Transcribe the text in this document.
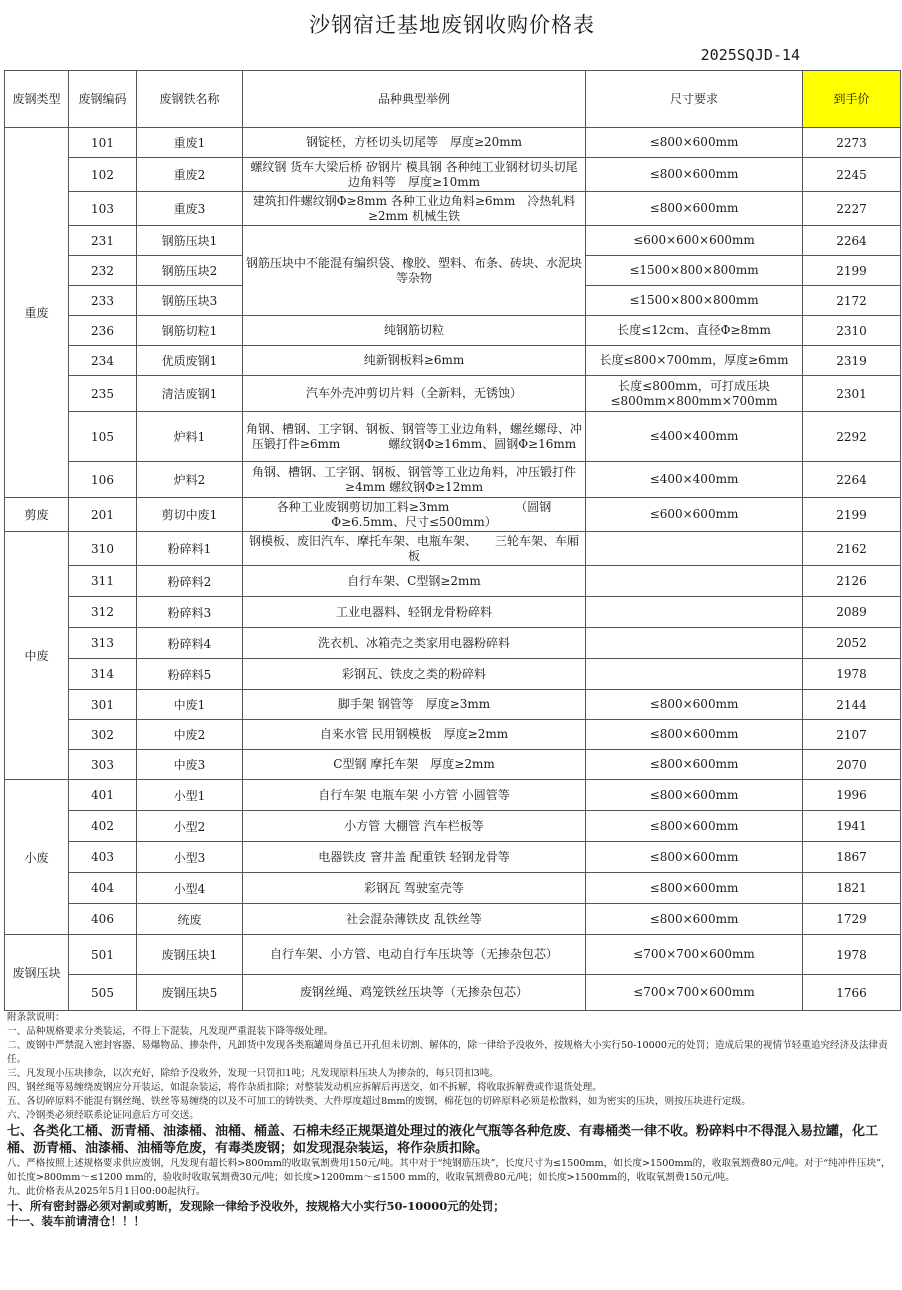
沙钢宿迁基地废钢收购价格表
2025SQJD-14
废钢类型	废钢编码	废钢铁名称	品种典型举例	尺寸要求	到手价
重废	101	重废1	钢锭柸，方柸切头切尾等　厚度≥20mm	≤800×600mm	2273
	102	重废2	螺纹钢 货车大梁后桥 矽钢片 模具钢 各种纯工业钢材切头切尾边角料等　厚度≥10mm	≤800×600mm	2245
	103	重废3	建筑扣件螺纹钢Φ≥8mm 各种工业边角料≥6mm　冷热轧料≥2mm 机械生铁	≤800×600mm	2227
	231	钢筋压块1	钢筋压块中不能混有编织袋、橡胶、塑料、布条、砖块、水泥块等杂物	≤600×600×600mm	2264
	232	钢筋压块2		≤1500×800×800mm	2199
	233	钢筋压块3		≤1500×800×800mm	2172
	236	钢筋切粒1	纯钢筋切粒	长度≤12cm、直径Φ≥8mm	2310
	234	优质废钢1	纯新钢板料≥6mm	长度≤800×700mm，厚度≥6mm	2319
	235	清洁废钢1	汽车外壳冲剪切片料（全新料，无锈蚀）	长度≤800mm，可打成压块≤800mm×800mm×700mm	2301
	105	炉料1	角钢、槽钢、工字钢、钢板、钢管等工业边角料，螺丝螺母、冲压锻打件≥6mm　　　　螺纹钢Φ≥16mm、圆钢Φ≥16mm	≤400×400mm	2292
	106	炉料2	角钢、槽钢、工字钢、钢板、钢管等工业边角料，冲压锻打件 ≥4mm 螺纹钢Φ≥12mm	≤400×400mm	2264
剪废	201	剪切中废1	各种工业废钢剪切加工料≥3mm　　　　　　（圆钢Φ≥6.5mm、尺寸≤500mm）	≤600×600mm	2199
中废	310	粉碎料1	钢模板、废旧汽车、摩托车架、电瓶车架、　　三轮车架、车厢板		2162
	311	粉碎料2	自行车架、C型钢≥2mm		2126
	312	粉碎料3	工业电器料、轻钢龙骨粉碎料		2089
	313	粉碎料4	洗衣机、冰箱壳之类家用电器粉碎料		2052
	314	粉碎料5	彩钢瓦、铁皮之类的粉碎料		1978
	301	中废1	脚手架 钢管等　厚度≥3mm	≤800×600mm	2144
	302	中废2	自来水管 民用钢模板　厚度≥2mm	≤800×600mm	2107
	303	中废3	C型钢 摩托车架　厚度≥2mm	≤800×600mm	2070
小废	401	小型1	自行车架 电瓶车架 小方管 小圆管等	≤800×600mm	1996
	402	小型2	小方管 大棚管 汽车栏板等	≤800×600mm	1941
	403	小型3	电器铁皮 窨井盖 配重铁 轻钢龙骨等	≤800×600mm	1867
	404	小型4	彩钢瓦 驾驶室壳等	≤800×600mm	1821
	406	统废	社会混杂薄铁皮 乱铁丝等	≤800×600mm	1729
废钢压块	501	废钢压块1	自行车架、小方管、电动自行车压块等（无掺杂包芯）	≤700×700×600mm	1978
	505	废钢压块5	废钢丝绳、鸡笼铁丝压块等（无掺杂包芯）	≤700×700×600mm	1766
附条款说明：
一、品种规格要求分类装运，不得上下混装，凡发现严重混装下降等级处理。
二、废钢中严禁混入密封容器、易爆物品、掺杂件，凡卸货中发现各类瓶罐周身虽已开孔但未切割、解体的，除一律给予没收外，按规格大小实行50-10000元的处罚；造成后果的视情节轻重追究经济及法律责任。
三、凡发现小压块掺杂，以次充好，除给予没收外，发现一只罚扣1吨；凡发现原料压块人为掺杂的，每只罚扣3吨。
四、钢丝绳等易缠绕废钢应分开装运，如混杂装运，将作杂质扣除；对整装发动机应拆解后再送交，如不拆解，将收取拆解费或作退货处理。
五、各切碎原料不能混有钢丝绳、铁丝等易缠绕的以及不可加工的铸铁类、大件厚度超过8mm的废钢，棉花包的切碎原料必须是松散料，如为密实的压块，则按压块进行定级。
六、冷钢类必须经联系论证同意后方可交送。
七、各类化工桶、沥青桶、油漆桶、油桶、桶盖、石棉未经正规渠道处理过的液化气瓶等各种危废、有毒桶类一律不收。粉碎料中不得混入易拉罐，化工桶、沥青桶、油漆桶、油桶等危废，有毒类废钢；如发现混杂装运，将作杂质扣除。
八、严格按照上述规格要求供应废钢，凡发现有超长料>800mm的收取氧割费用150元/吨。其中对于“纯钢筋压块”，长度尺寸为≤1500mm，如长度>1500mm的，收取氧割费80元/吨。对于“纯冲件压块”，如长度>800mm～≤1200 mm的，验收时收取氧割费30元/吨；如长度>1200mm～≤1500 mm的，收取氧割费80元/吨；如长度>1500mm的，收取氧割费150元/吨。
九、此价格表从2025年5月1日00:00起执行。
十、所有密封器必须对割或剪断，发现除一律给予没收外，按规格大小实行50-10000元的处罚；
十一、装车前请清仓！！！
